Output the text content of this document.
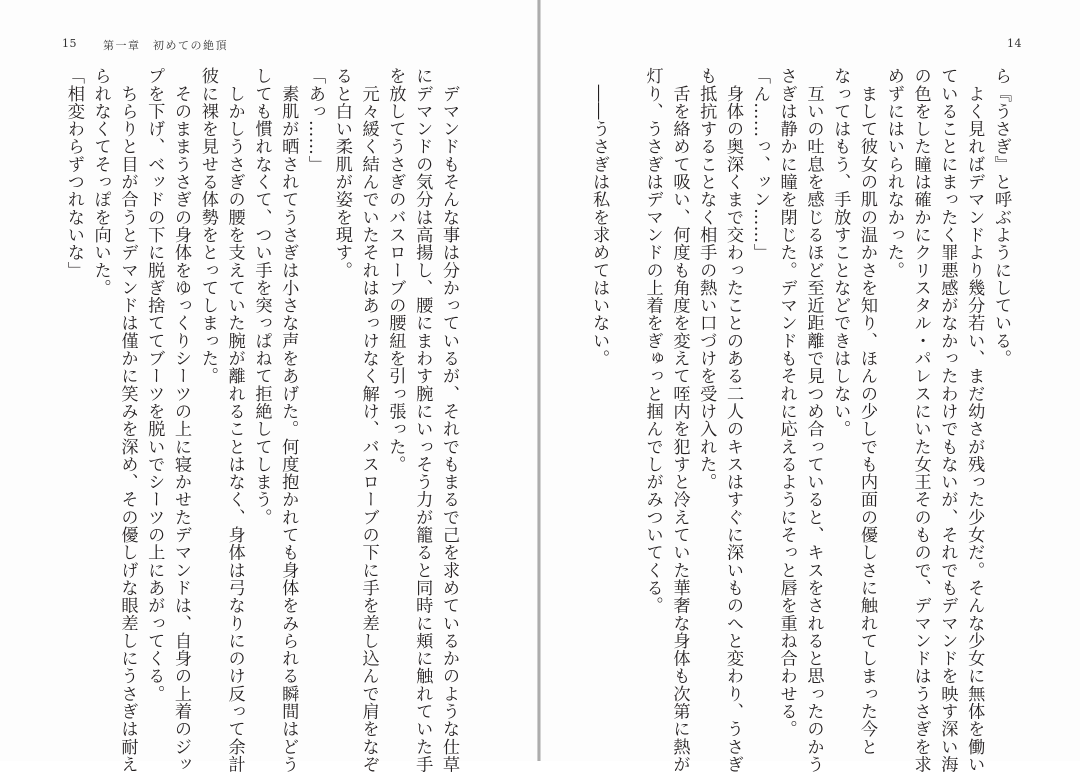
15 第一章　初めての絶頂
　デマンドもそんな事は分かっているが、それでもまるで己を求めているかのような仕草
にデマンドの気分は高揚し、腰にまわす腕にいっそう力が籠ると同時に頬に触れていた手
を放してうさぎのバスローブの腰紐を引っ張った。
　元々緩く結んでいたそれはあっけなく解け、バスローブの下に手を差し込んで肩をなぞ
ると白い柔肌が姿を現す。
「あっ……」
　素肌が晒されてうさぎは小さな声をあげた。何度抱かれても身体をみられる瞬間はどう
しても慣れなくて、つい手を突っぱねて拒絶してしまう。
　しかしうさぎの腰を支えていた腕が離れることはなく、身体は弓なりにのけ反って余計
彼に裸を見せる体勢をとってしまった。
　そのままうさぎの身体をゆっくりシーツの上に寝かせたデマンドは、自身の上着のジッ
プを下げ、ベッドの下に脱ぎ捨ててブーツを脱いでシーツの上にあがってくる。
　ちらりと目が合うとデマンドは僅かに笑みを深め、その優しげな眼差しにうさぎは耐え
られなくてそっぽを向いた。
「相変わらずつれないな」
14
ら『うさぎ』と呼ぶようにしている。
　よく見ればデマンドより幾分若い、まだ幼さが残った少女だ。そんな少女に無体を働い
ていることにまったく罪悪感がなかったわけでもないが、それでもデマンドを映す深い海
の色をした瞳は確かにクリスタル・パレスにいた女王そのもので、デマンドはうさぎを求
めずにはいられなかった。
　まして彼女の肌の温かさを知り、ほんの少しでも内面の優しさに触れてしまった今と
なってはもう、手放すことなどできはしない。
　互いの吐息を感じるほど至近距離で見つめ合っていると、キスをされると思ったのかう
さぎは静かに瞳を閉じた。デマンドもそれに応えるようにそっと唇を重ね合わせる。
「ん……っ、ッン……」
　身体の奥深くまで交わったことのある二人のキスはすぐに深いものへと変わり、うさぎ
も抵抗することなく相手の熱い口づけを受け入れた。
　舌を絡めて吸い、何度も角度を変えて咥内を犯すと冷えていた華奢な身体も次第に熱が
灯り、うさぎはデマンドの上着をぎゅっと掴んでしがみついてくる。

　――うさぎは私を求めてはいない。
